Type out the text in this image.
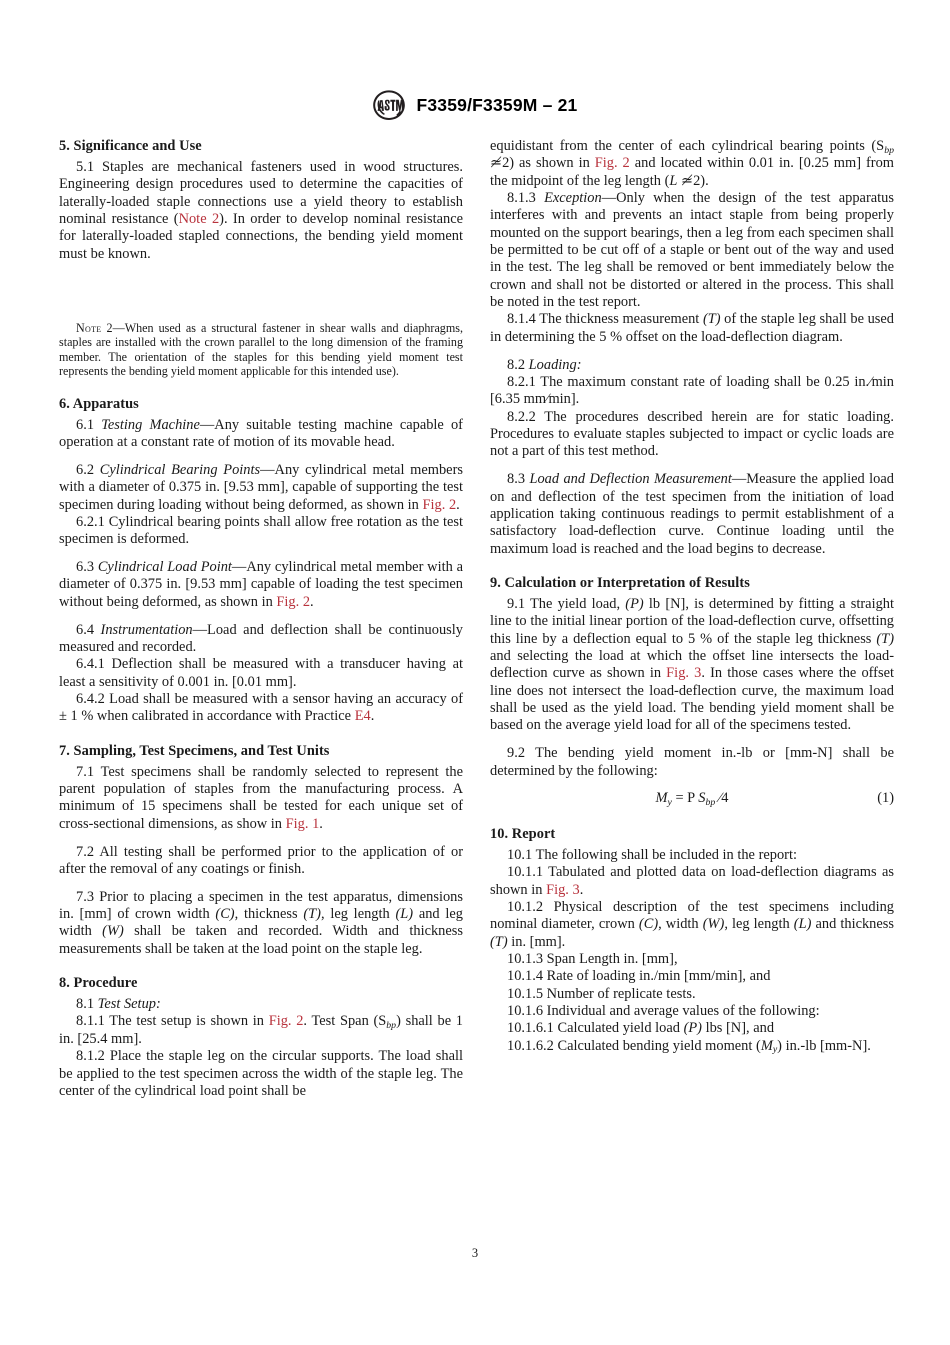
F3359/F3359M – 21
5. Significance and Use

5.1 Staples are mechanical fasteners used in wood structures. Engineering design procedures used to determine the capacities of laterally-loaded staple connections use a yield theory to establish nominal resistance (Note 2). In order to develop nominal resistance for laterally-loaded stapled connections, the bending yield moment must be known.

Note 2—When used as a structural fastener in shear walls and diaphragms, staples are installed with the crown parallel to the long dimension of the framing member. The orientation of the staples for this bending yield moment test represents the bending yield moment applicable for this intended use).

6. Apparatus

6.1 Testing Machine—Any suitable testing machine capable of operation at a constant rate of motion of its movable head.

6.2 Cylindrical Bearing Points—Any cylindrical metal members with a diameter of 0.375 in. [9.53 mm], capable of supporting the test specimen during loading without being deformed, as shown in Fig. 2.

6.2.1 Cylindrical bearing points shall allow free rotation as the test specimen is deformed.

6.3 Cylindrical Load Point—Any cylindrical metal member with a diameter of 0.375 in. [9.53 mm] capable of loading the test specimen without being deformed, as shown in Fig. 2.

6.4 Instrumentation—Load and deflection shall be continuously measured and recorded.

6.4.1 Deflection shall be measured with a transducer having at least a sensitivity of 0.001 in. [0.01 mm].

6.4.2 Load shall be measured with a sensor having an accuracy of ± 1 % when calibrated in accordance with Practice E4.

7. Sampling, Test Specimens, and Test Units

7.1 Test specimens shall be randomly selected to represent the parent population of staples from the manufacturing process. A minimum of 15 specimens shall be tested for each unique set of cross-sectional dimensions, as show in Fig. 1.

7.2 All testing shall be performed prior to the application of or after the removal of any coatings or finish.

7.3 Prior to placing a specimen in the test apparatus, dimensions in. [mm] of crown width (C), thickness (T), leg length (L) and leg width (W) shall be taken and recorded. Width and thickness measurements shall be taken at the load point on the staple leg.

8. Procedure

8.1 Test Setup:

8.1.1 The test setup is shown in Fig. 2. Test Span $(S_{bp})$ shall be 1 in. [25.4 mm].

8.1.2 Place the staple leg on the circular supports. The load shall be applied to the test specimen across the width of the staple leg. The center of the cylindrical load point shall be

equidistant from the center of each cylindrical bearing points ($S_{bp}$ ≄2) as shown in Fig. 2 and located within 0.01 in. [0.25 mm] from the midpoint of the leg length (L ≄2).

8.1.3 Exception—Only when the design of the test apparatus interferes with and prevents an intact staple from being properly mounted on the support bearings, then a leg from each specimen shall be permitted to be cut off of a staple or bent out of the way and used in the test. The leg shall be removed or bent immediately below the crown and shall not be distorted or altered in the process. This shall be noted in the test report.

8.1.4 The thickness measurement (T) of the staple leg shall be used in determining the 5 % offset on the load-deflection diagram.

8.2 Loading:

8.2.1 The maximum constant rate of loading shall be 0.25 in.∕min [6.35 mm∕min].

8.2.2 The procedures described herein are for static loading. Procedures to evaluate staples subjected to impact or cyclic loads are not a part of this test method.

8.3 Load and Deflection Measurement—Measure the applied load on and deflection of the test specimen from the initiation of load application taking continuous readings to permit establishment of a satisfactory load-deflection curve. Continue loading until the maximum load is reached and the load begins to decrease.

9. Calculation or Interpretation of Results

9.1 The yield load, (P) lb [N], is determined by fitting a straight line to the initial linear portion of the load-deflection curve, offsetting this line by a deflection equal to 5 % of the staple leg thickness (T) and selecting the load at which the offset line intersects the load-deflection curve as shown in Fig. 3. In those cases where the offset line does not intersect the load-deflection curve, the maximum load shall be used as the yield load. The bending yield moment shall be based on the average yield load for all of the specimens tested.

9.2 The bending yield moment in.-lb or [mm-N] shall be determined by the following:

$M_y = P$ $S_{bp}$ ∕4	(1)
10. Report

10.1 The following shall be included in the report:

10.1.1 Tabulated and plotted data on load-deflection diagrams as shown in Fig. 3.

10.1.2 Physical description of the test specimens including nominal diameter, crown (C), width (W), leg length (L) and thickness (T) in. [mm].

10.1.3 Span Length in. [mm],

10.1.4 Rate of loading in./min [mm/min], and

10.1.5 Number of replicate tests.

10.1.6 Individual and average values of the following:

10.1.6.1 Calculated yield load (P) lbs [N], and

10.1.6.2 Calculated bending yield moment $(M_y)$ in.-lb [mm-N].

3
